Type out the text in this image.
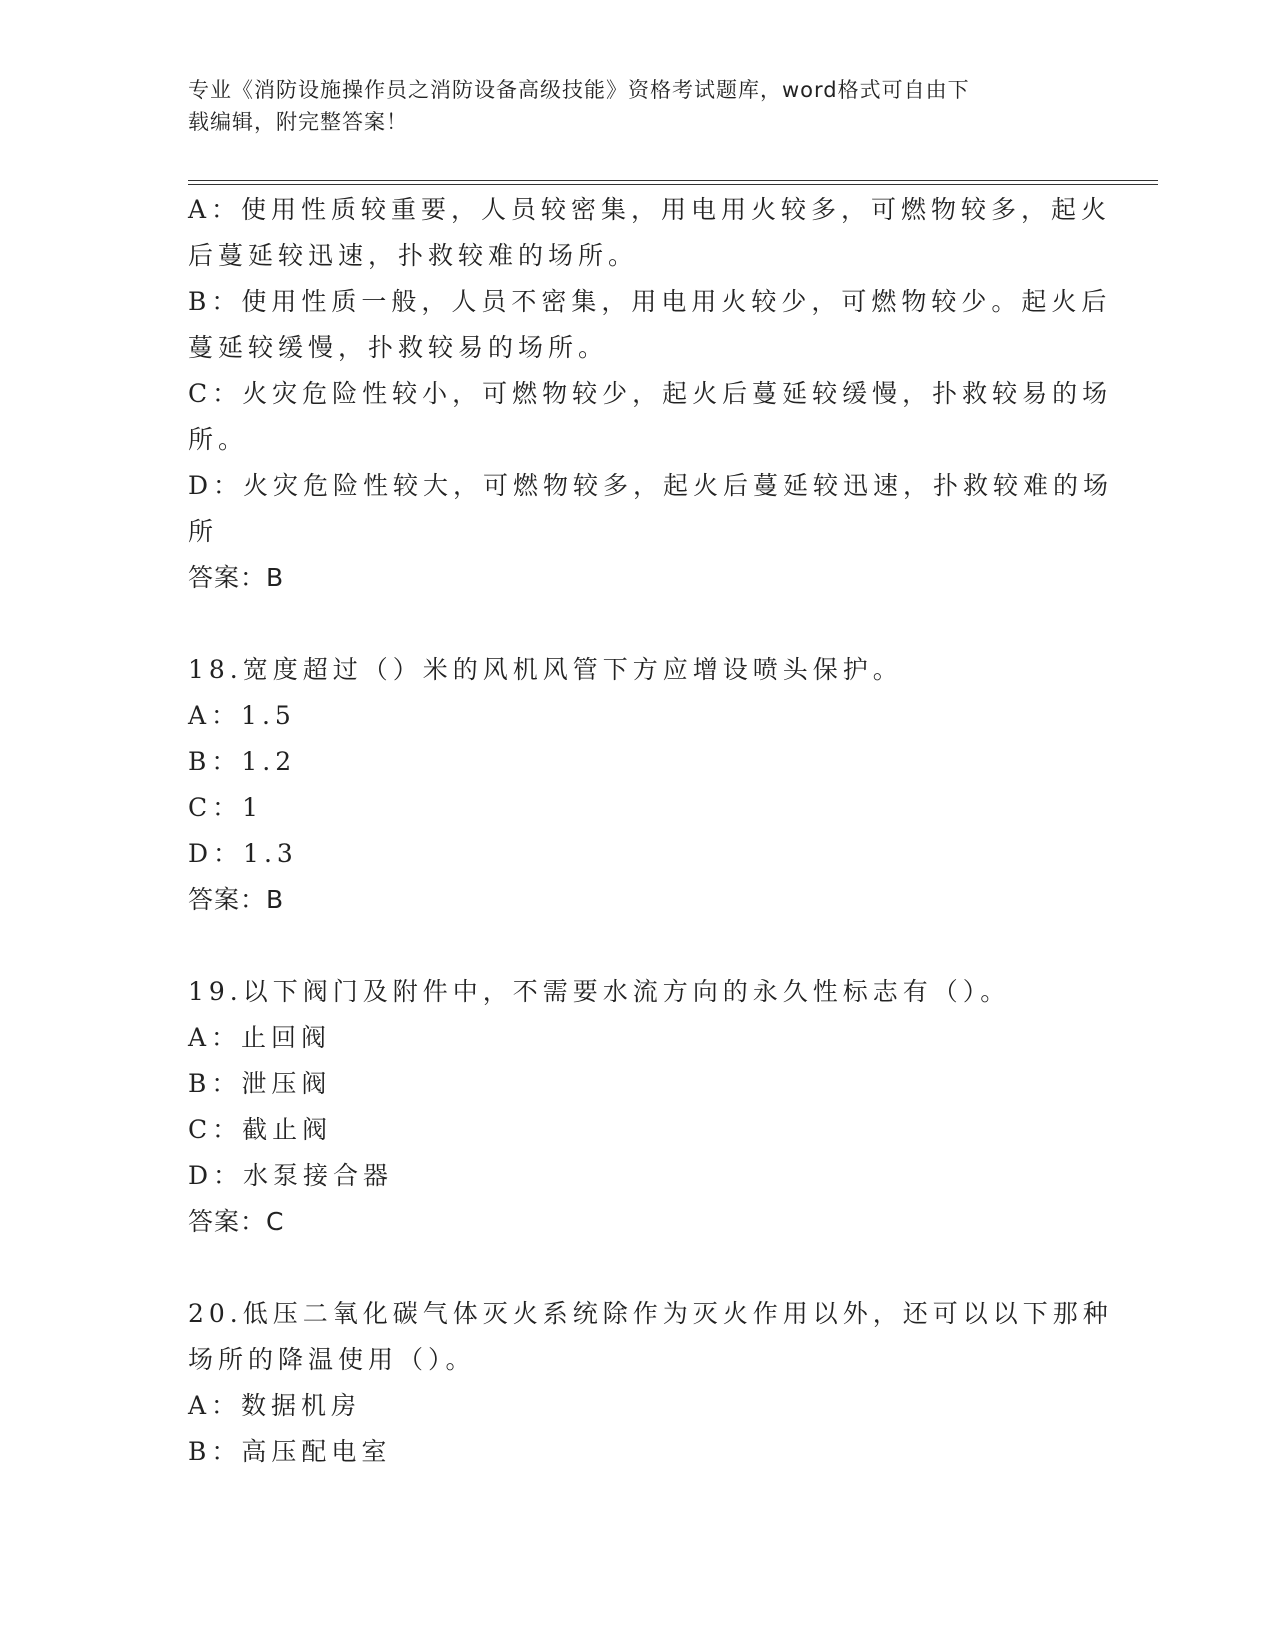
专业《消防设施操作员之消防设备高级技能》资格考试题库，word格式可自由下
载编辑，附完整答案！
A：使用性质较重要，人员较密集，用电用火较多，可燃物较多，起火
后蔓延较迅速，扑救较难的场所。
B：使用性质一般，人员不密集，用电用火较少，可燃物较少。起火后
蔓延较缓慢，扑救较易的场所。
C：火灾危险性较小，可燃物较少，起火后蔓延较缓慢，扑救较易的场
所。
D：火灾危险性较大，可燃物较多，起火后蔓延较迅速，扑救较难的场
所
答案：B
18.宽度超过（）米的风机风管下方应增设喷头保护。
A：1.5
B：1.2
C：1
D：1.3
答案：B
19.以下阀门及附件中，不需要水流方向的永久性标志有（）。
A：止回阀
B：泄压阀
C：截止阀
D：水泵接合器
答案：C
20.低压二氧化碳气体灭火系统除作为灭火作用以外，还可以以下那种
场所的降温使用（）。
A：数据机房
B：高压配电室
